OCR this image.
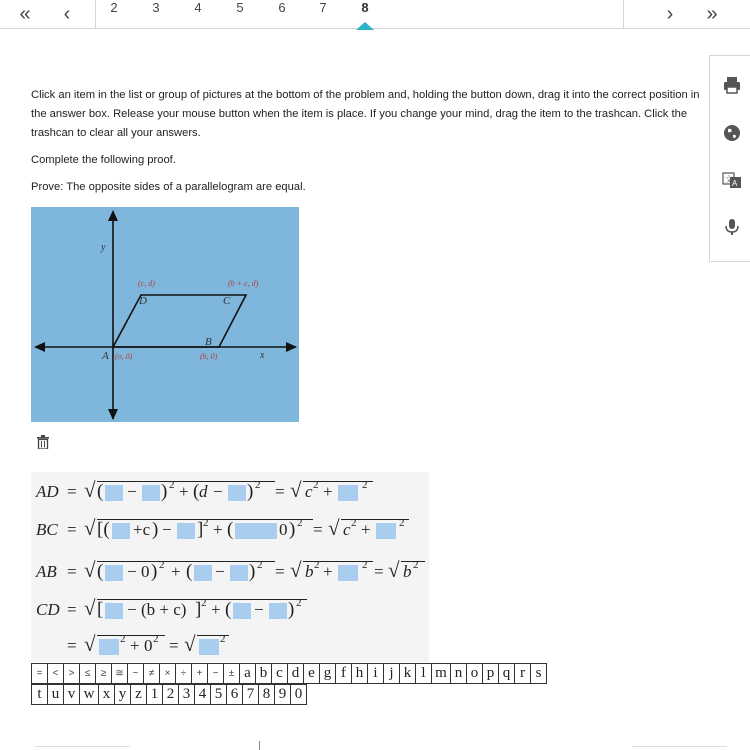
« ‹	2	3	4	5	6	7	8	› »
文 A

Click an item in the list or group of pictures at the bottom of the problem and, holding the button down, drag it into the correct position in the answer box. Release your mouse button when the item is place. If you change your mind, drag the item to the trashcan. Click the trashcan to clear all your answers.

Complete the following proof.
Prove: The opposite sides of a parallelogram are equal.
y
x
A (o, 0)
B
(b, 0)
C
(b + c, d)
D
(c, d)
AD = √ ( − ) 2 + ( d − ) 2 = √ c 2 +	2
BC = √ [( +c ) − ] 2 + (	0 ) 2 = √ c 2 +	2
AB = √ ( − 0 ) 2 + ( − ) 2 = √ b 2 +	2 = √ b 2
CD = √ [ − (b + c) ] 2 + ( − ) 2
= √ 2 + 0 2 = √ 2
=	<	>	≤	≥ ≅ ~	≠	×	÷	+	−	± a b c d e g f h i j k l m n o p q r s
t u v w x y z 1 2 3 4 5 6 7 8 9 0
